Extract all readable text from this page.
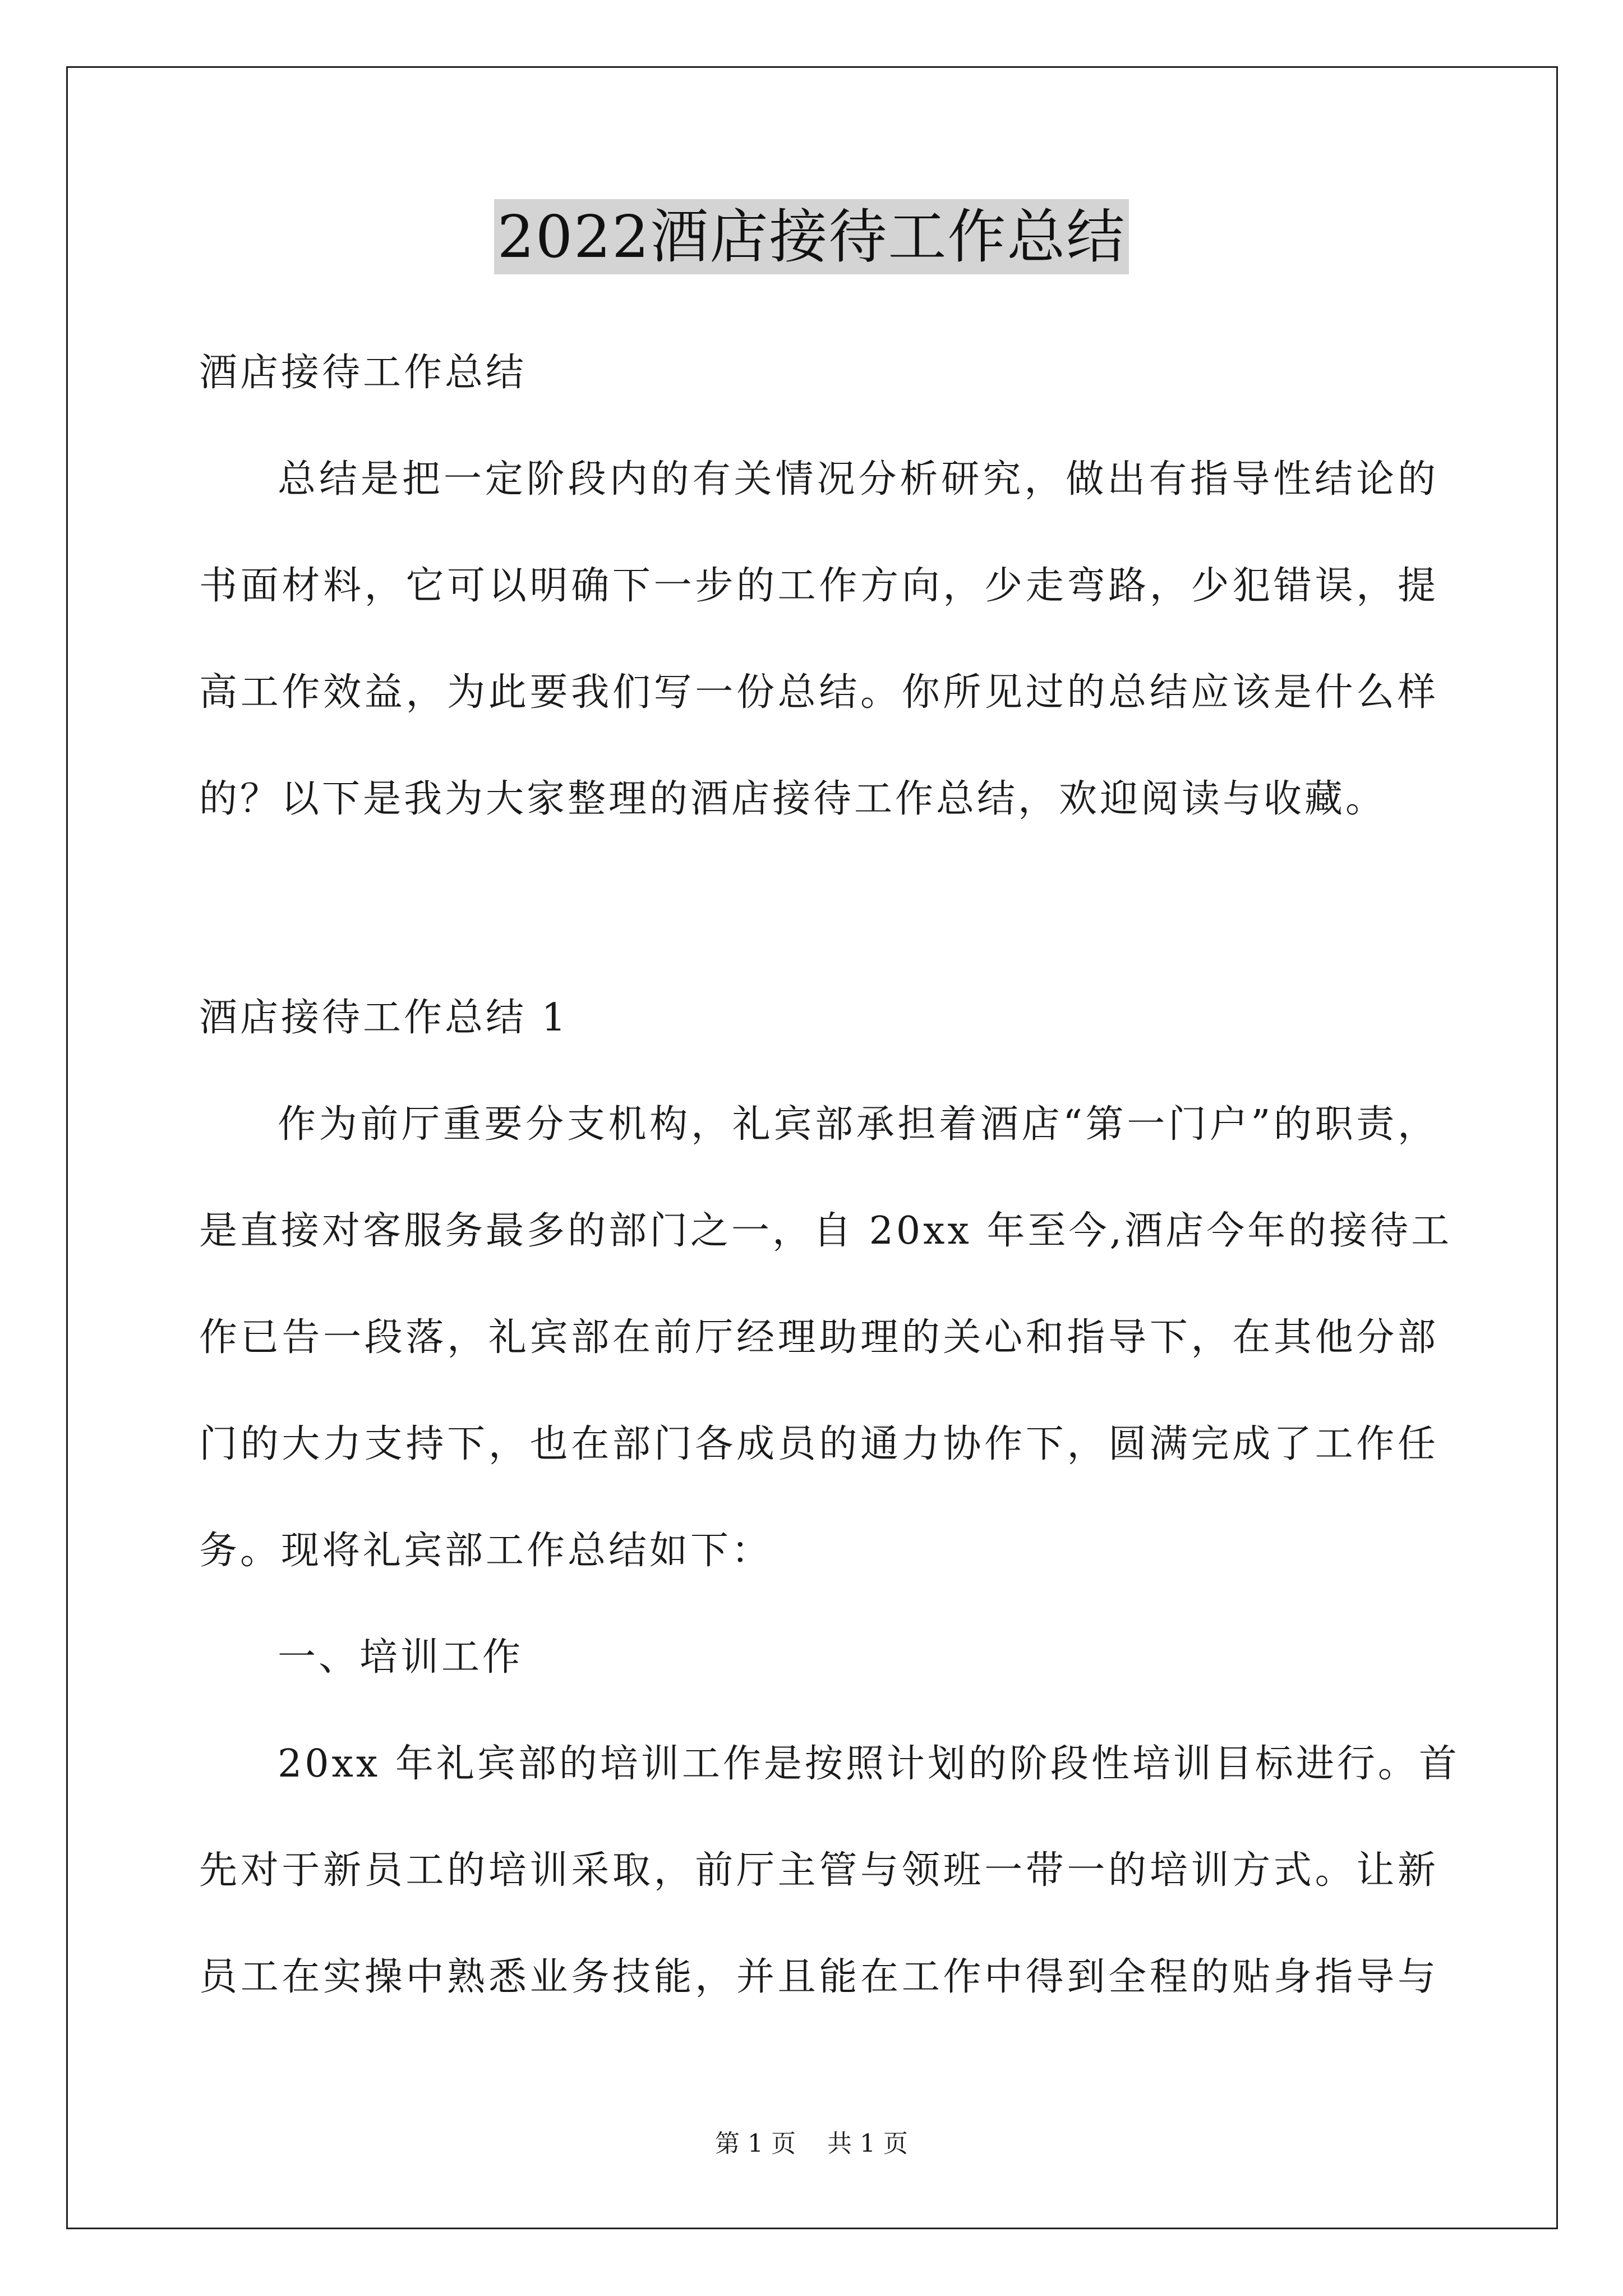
2022酒店接待工作总结
酒店接待工作总结
总结是把一定阶段内的有关情况分析研究，做出有指导性结论的
书面材料，它可以明确下一步的工作方向，少走弯路，少犯错误，提
高工作效益，为此要我们写一份总结。你所见过的总结应该是什么样
的？以下是我为大家整理的酒店接待工作总结，欢迎阅读与收藏。
酒店接待工作总结 1
作为前厅重要分支机构，礼宾部承担着酒店“第一门户”的职责，
是直接对客服务最多的部门之一，自 20xx 年至今,酒店今年的接待工
作已告一段落，礼宾部在前厅经理助理的关心和指导下，在其他分部
门的大力支持下，也在部门各成员的通力协作下，圆满完成了工作任
务。现将礼宾部工作总结如下：
一、培训工作
20xx 年礼宾部的培训工作是按照计划的阶段性培训目标进行。首
先对于新员工的培训采取，前厅主管与领班一带一的培训方式。让新
员工在实操中熟悉业务技能，并且能在工作中得到全程的贴身指导与
第 1 页    共 1 页
